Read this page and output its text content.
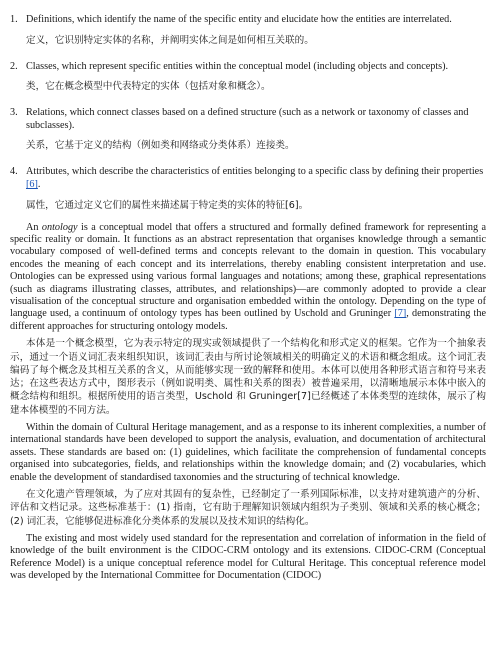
1. Definitions, which identify the name of the specific entity and elucidate how the entities are interrelated.

定义，它识别特定实体的名称，并阐明实体之间是如何相互关联的。

2. Classes, which represent specific entities within the conceptual model (including objects and concepts).

类，它在概念模型中代表特定的实体（包括对象和概念）。

3. Relations, which connect classes based on a defined structure (such as a network or taxonomy of classes and subclasses).

关系，它基于定义的结构（例如类和网络或分类体系）连接类。

4. Attributes, which describe the characteristics of entities belonging to a specific class by defining their properties [6].

属性，它通过定义它们的属性来描述属于特定类的实体的特征[6]。

An ontology is a conceptual model that offers a structured and formally defined framework for representing a specific reality or domain. It functions as an abstract representation that organises knowledge through a semantic vocabulary composed of well-defined terms and concepts relevant to the domain in question. This vocabulary encodes the meaning of each concept and its interrelations, thereby enabling consistent interpretation and use. Ontologies can be expressed using various formal languages and notations; among these, graphical representations (such as diagrams illustrating classes, attributes, and relationships)—are commonly adopted to provide a clear visualisation of the conceptual structure and organisation embedded within the ontology. Depending on the type of language used, a continuum of ontology types has been outlined by Uschold and Gruninger [7], demonstrating the different approaches for structuring ontology models.

本体是一个概念模型，它为表示特定的现实或领域提供了一个结构化和形式定义的框架。它作为一个抽象表示，通过一个语义词汇表来组织知识，该词汇表由与所讨论领域相关的明确定义的术语和概念组成。这个词汇表编码了每个概念及其相互关系的含义，从而能够实现一致的解释和使用。本体可以使用各种形式语言和符号来表达；在这些表达方式中，图形表示（例如说明类、属性和关系的图表）被普遍采用，以清晰地展示本体中嵌入的概念结构和组织。根据所使用的语言类型，Uschold 和 Gruninger[7]已经概述了本体类型的连续体，展示了构建本体模型的不同方法。

Within the domain of Cultural Heritage management, and as a response to its inherent complexities, a number of international standards have been developed to support the analysis, evaluation, and documentation of architectural assets. These standards are based on: (1) guidelines, which facilitate the comprehension of fundamental concepts organised into subcategories, fields, and relationships within the knowledge domain; and (2) vocabularies, which enable the development of standardised taxonomies and the structuring of technical knowledge.

在文化遗产管理领域，为了应对其固有的复杂性，已经制定了一系列国际标准，以支持对建筑遗产的分析、评估和文档记录。这些标准基于：(1) 指南，它有助于理解知识领域内组织为子类别、领域和关系的核心概念；(2) 词汇表，它能够促进标准化分类体系的发展以及技术知识的结构化。

The existing and most widely used standard for the representation and correlation of information in the field of knowledge of the built environment is the CIDOC-CRM ontology and its extensions. CIDOC-CRM (Conceptual Reference Model) is a unique conceptual reference model for Cultural Heritage. This conceptual reference model was developed by the International Committee for Documentation (CIDOC)
